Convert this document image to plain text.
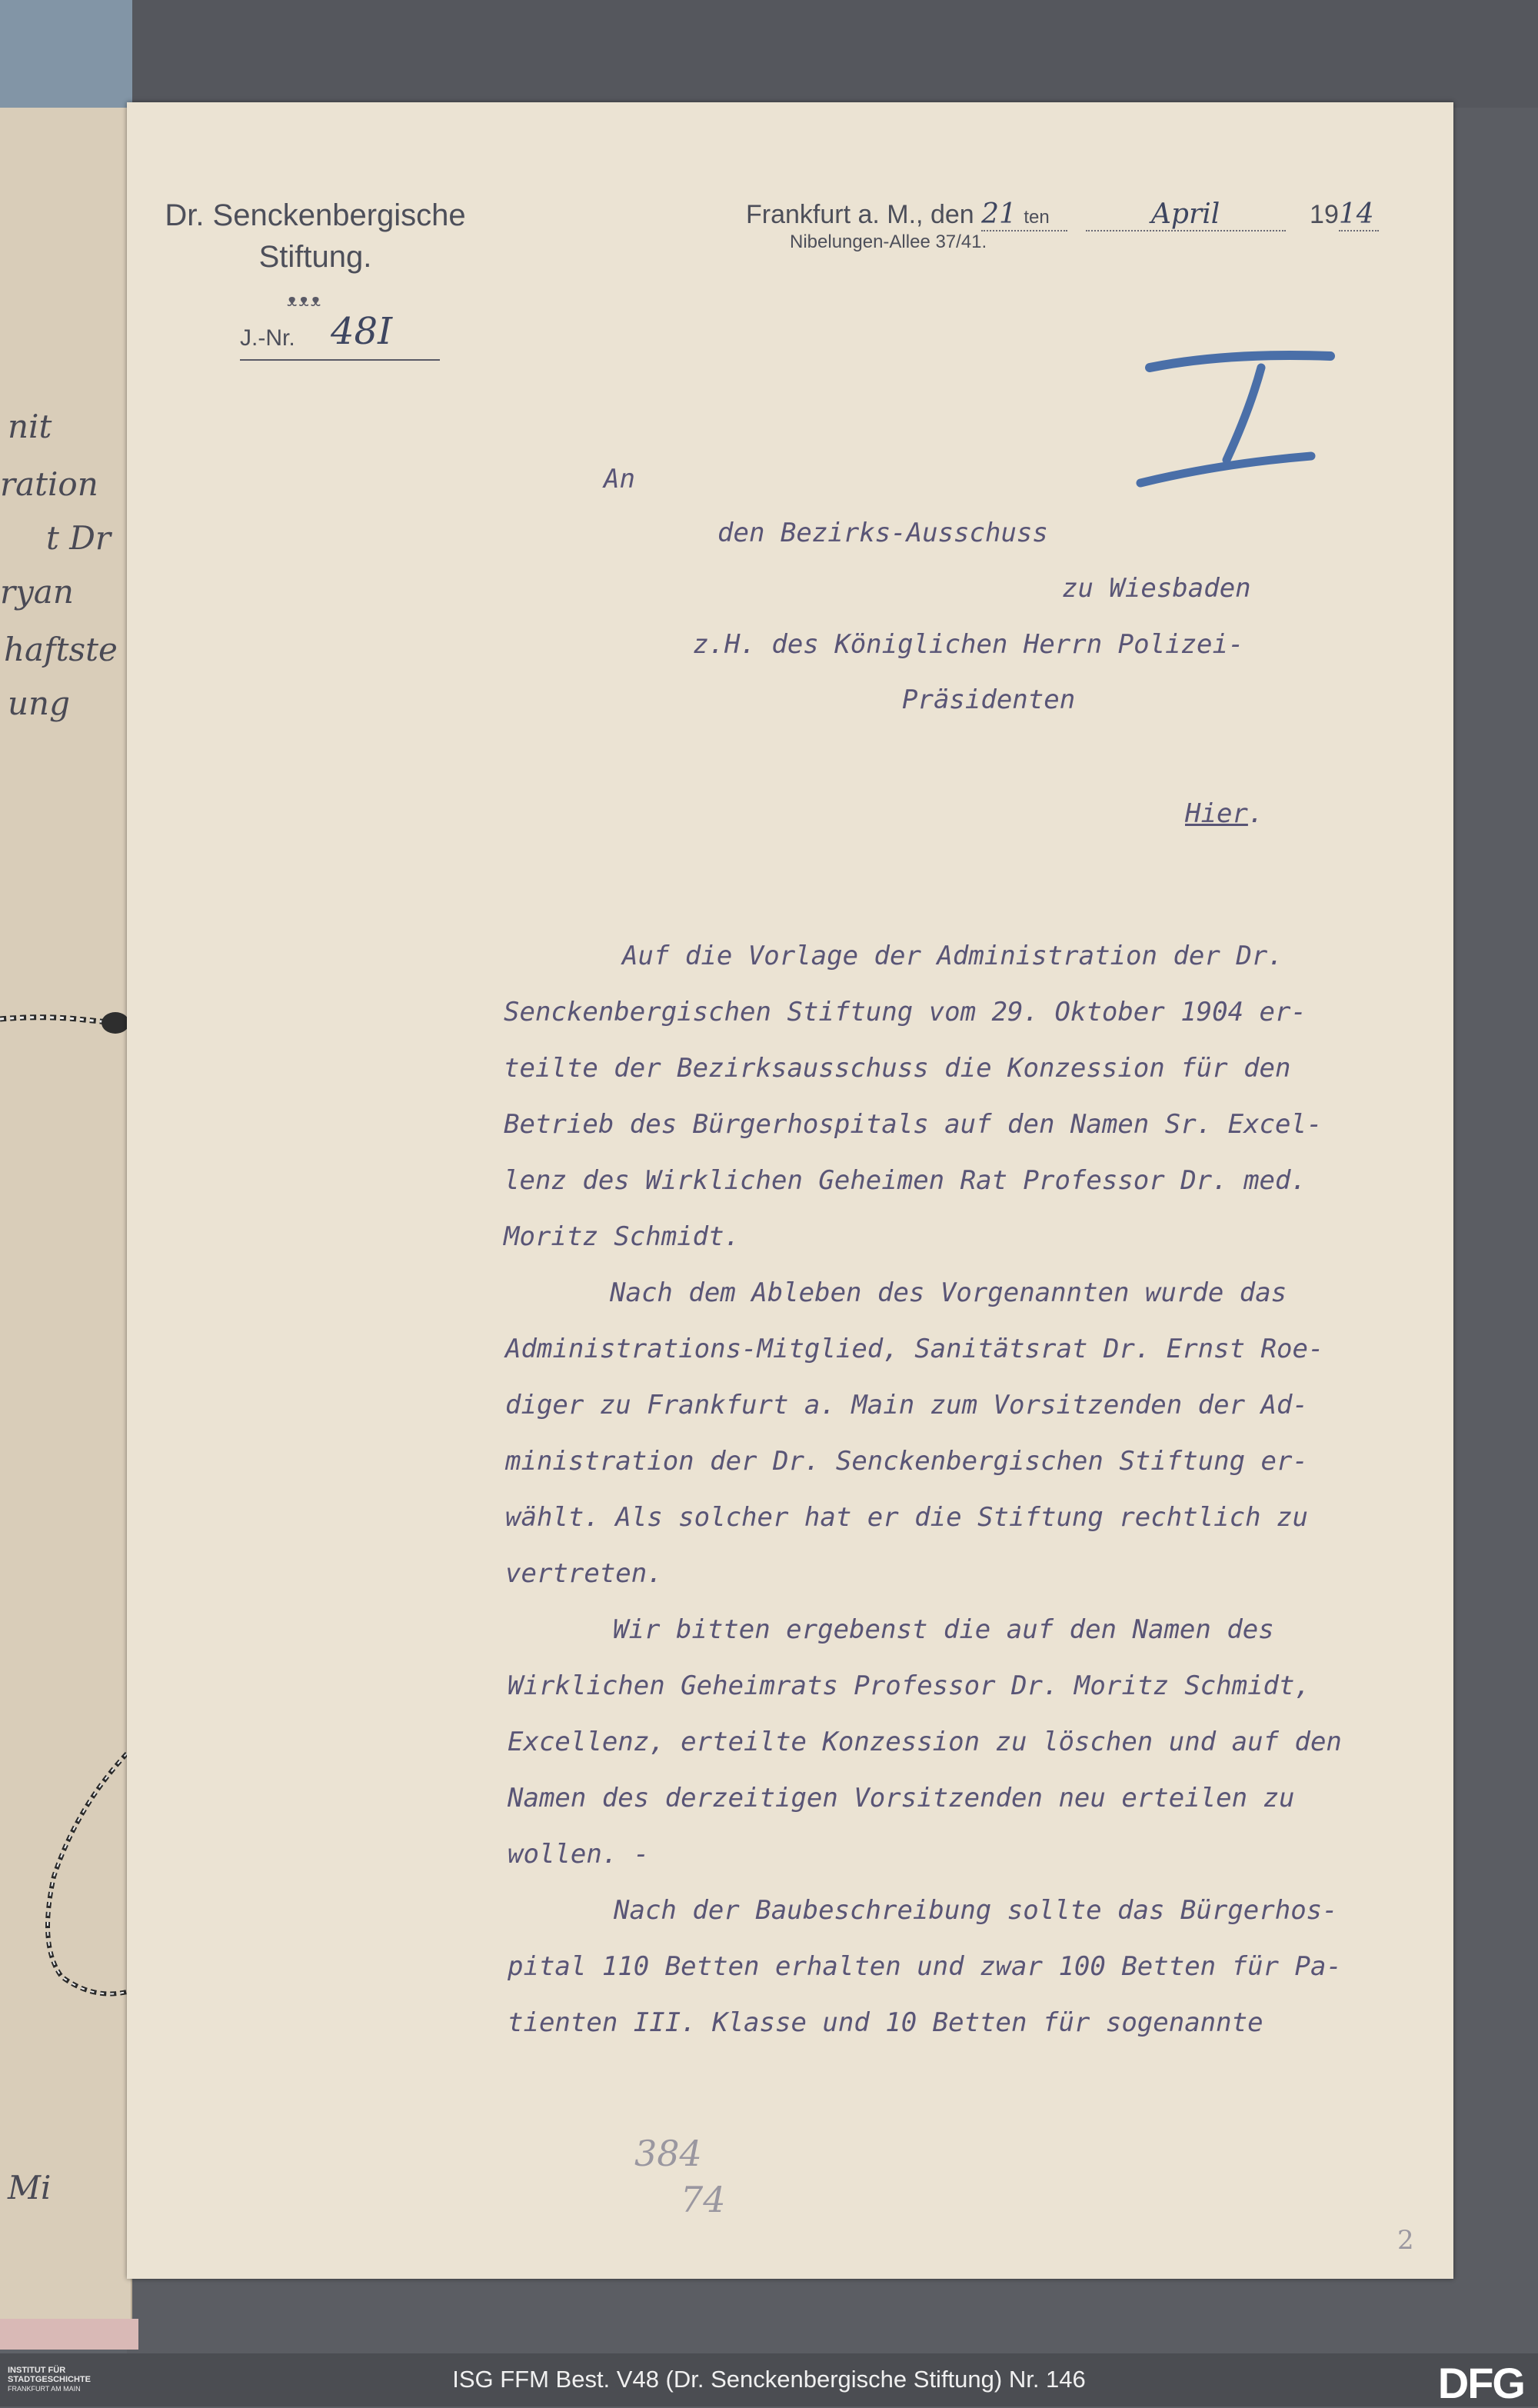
nit
ration
t Dr
ryan
haftste
ung
Mi
Dr. Senckenbergische
Stiftung.
ᴥᴥᴥ
J.-Nr. 48I
Frankfurt a. M., den 21 ten	April	1914
Nibelungen-Allee 37/41.
I
An
den Bezirks-Ausschuss
zu Wiesbaden
z.H. des Königlichen Herrn Polizei-
Präsidenten
Hier.
Auf die Vorlage der Administration der Dr.
Senckenbergischen Stiftung vom 29. Oktober 1904 er-
teilte der Bezirksausschuss die Konzession für den
Betrieb des Bürgerhospitals auf den Namen Sr. Excel-
lenz des Wirklichen Geheimen Rat Professor Dr. med.
Moritz Schmidt.
Nach dem Ableben des Vorgenannten wurde das
Administrations-Mitglied, Sanitätsrat Dr. Ernst Roe-
diger zu Frankfurt a. Main zum Vorsitzenden der Ad-
ministration der Dr. Senckenbergischen Stiftung er-
wählt. Als solcher hat er die Stiftung rechtlich zu
vertreten.
Wir bitten ergebenst die auf den Namen des
Wirklichen Geheimrats Professor Dr. Moritz Schmidt,
Excellenz, erteilte Konzession zu löschen und auf den
Namen des derzeitigen Vorsitzenden neu erteilen zu
wollen. -
Nach der Baubeschreibung sollte das Bürgerhos-
pital 110 Betten erhalten und zwar 100 Betten für Pa-
tienten III. Klasse und 10 Betten für sogenannte
384
74
2
INSTITUT FÜR
STADTGESCHICHTE
FRANKFURT AM MAIN	ISG FFM Best. V48 (Dr. Senckenbergische Stiftung) Nr. 146	DFG
